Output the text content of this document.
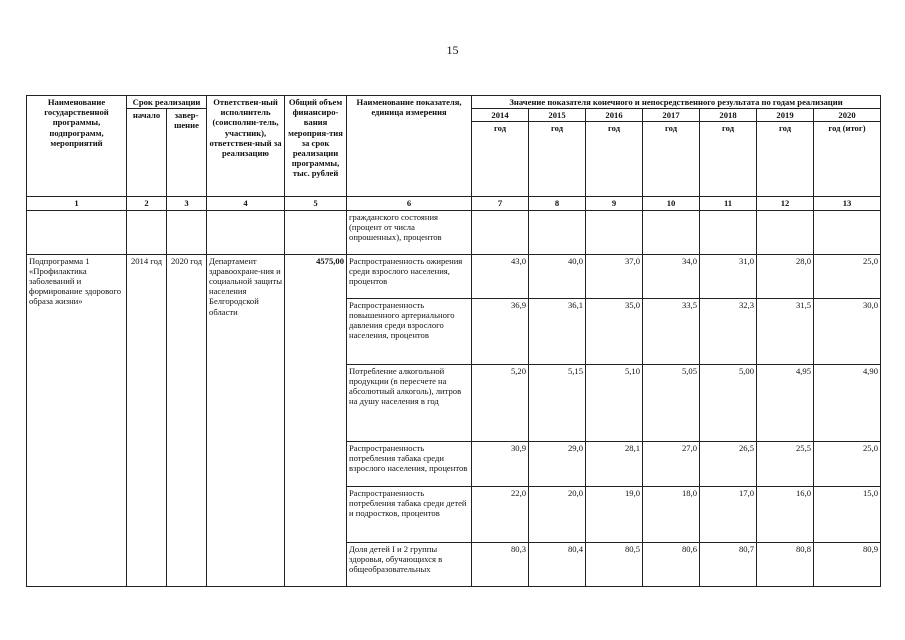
15
Наименование государственной программы, подпрограмм, мероприятий	Срок реализации		Ответствен-ный исполнитель (соисполни-тель, участник), ответствен-ный за реализацию	Общий объем финансиро-вания мероприя-тия за срок реализации программы, тыс. рублей	Наименование показателя, единица измерения	Значение показателя конечного и непосредственного результата по годам реализации						
	начало	завер-шение				2014	2015	2016	2017	2018	2019	2020
						год	год	год	год	год	год	год (итог)
1	2	3	4	5	6	7	8	9	10	11	12	13
					гражданского состояния (процент от числа опрошенных), процентов							
Подпрограмма 1 «Профилактика заболеваний и формирование здорового образа жизни»	2014 год	2020 год	Департамент здравоохране-ния и социальной защиты населения Белгородской области	4575,00	Распространенность ожирения среди взрослого населения, процентов	43,0	40,0	37,0	34,0	31,0	28,0	25,0
					Распространенность повышенного артериального давления среди взрослого населения, процентов	36,9	36,1	35,0	33,5	32,3	31,5	30,0
					Потребление алкогольной продукции (в пересчете на абсолютный алкоголь), литров на душу населения в год	5,20	5,15	5,10	5,05	5,00	4,95	4,90
					Распространенность потребления табака среди взрослого населения, процентов	30,9	29,0	28,1	27,0	26,5	25,5	25,0
					Распространенность потребления табака среди детей и подростков, процентов	22,0	20,0	19,0	18,0	17,0	16,0	15,0
					Доля детей I и 2 группы здоровья, обучающихся в общеобразовательных	80,3	80,4	80,5	80,6	80,7	80,8	80,9
